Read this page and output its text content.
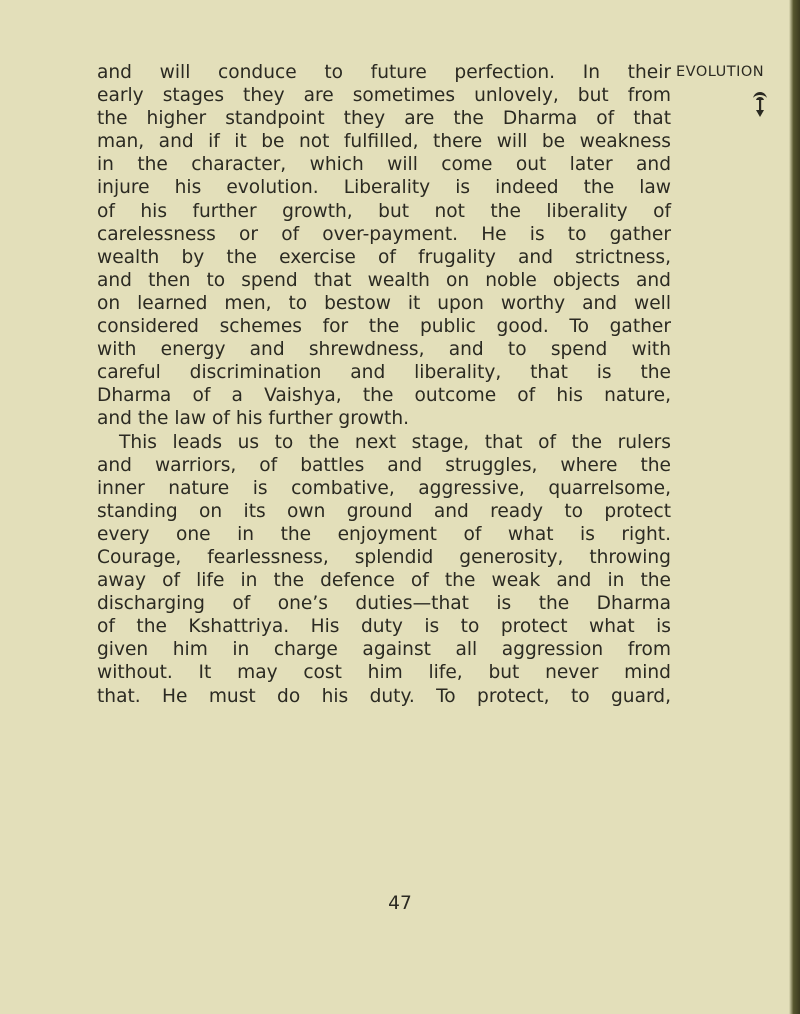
and will conduce to future perfection. In their
early stages they are sometimes unlovely, but from
the higher standpoint they are the Dharma of that
man, and if it be not fulfilled, there will be weakness
in the character, which will come out later and
injure his evolution. Liberality is indeed the law
of his further growth, but not the liberality of
carelessness or of over-payment. He is to gather
wealth by the exercise of frugality and strictness,
and then to spend that wealth on noble objects and
on learned men, to bestow it upon worthy and well
considered schemes for the public good. To gather
with energy and shrewdness, and to spend with
careful discrimination and liberality, that is the
Dharma of a Vaishya, the outcome of his nature,
and the law of his further growth.
This leads us to the next stage, that of the rulers
and warriors, of battles and struggles, where the
inner nature is combative, aggressive, quarrelsome,
standing on its own ground and ready to protect
every one in the enjoyment of what is right.
Courage, fearlessness, splendid generosity, throwing
away of life in the defence of the weak and in the
discharging of one’s duties—that is the Dharma
of the Kshattriya. His duty is to protect what is
given him in charge against all aggression from
without. It may cost him life, but never mind
that. He must do his duty. To protect, to guard,
EVOLUTION
47
